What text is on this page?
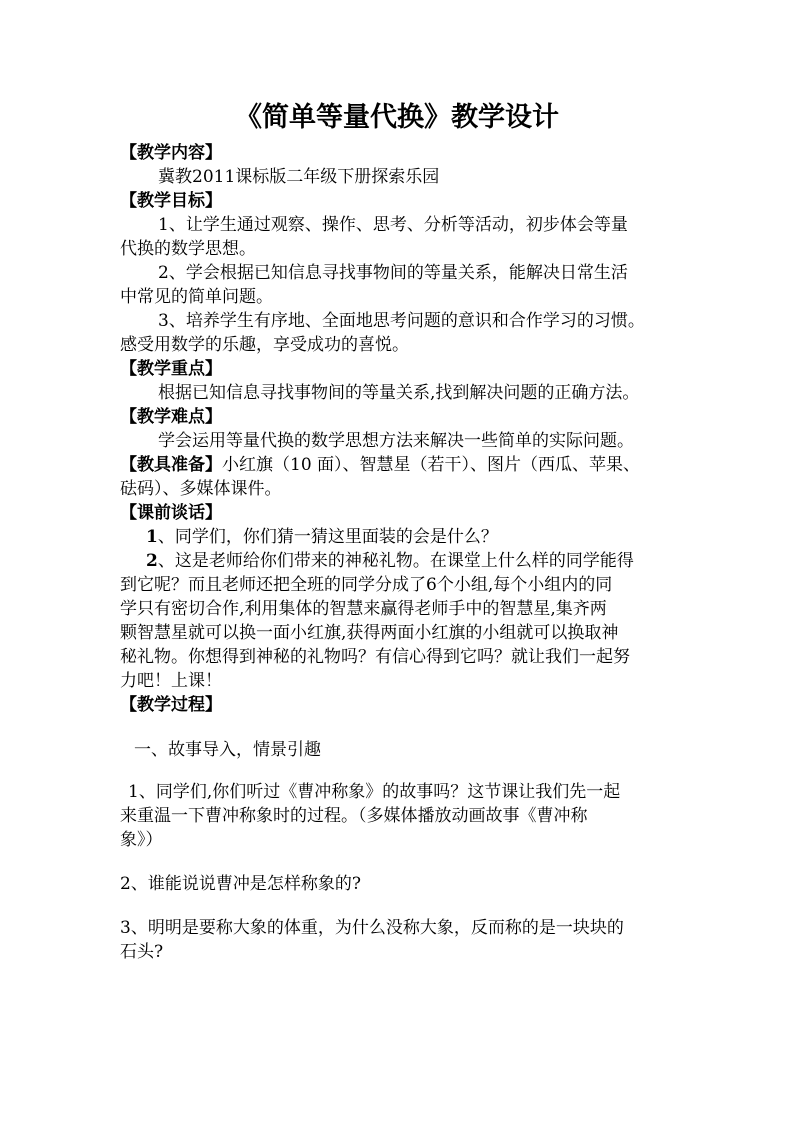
《简单等量代换》教学设计
【教学内容】
冀教2011课标版二年级下册探索乐园
【教学目标】
1、让学生通过观察、操作、思考、分析等活动，初步体会等量
代换的数学思想。
2、学会根据已知信息寻找事物间的等量关系，能解决日常生活
中常见的简单问题。
3、培养学生有序地、全面地思考问题的意识和合作学习的习惯。
感受用数学的乐趣，享受成功的喜悦。
【教学重点】
根据已知信息寻找事物间的等量关系,找到解决问题的正确方法。
【教学难点】
学会运用等量代换的数学思想方法来解决一些简单的实际问题。
【教具准备】小红旗（10 面）、智慧星（若干）、图片（西瓜、苹果、
砝码）、多媒体课件。
【课前谈话】
1、同学们，你们猜一猜这里面装的会是什么？
2、这是老师给你们带来的神秘礼物。在课堂上什么样的同学能得
到它呢？而且老师还把全班的同学分成了6个小组,每个小组内的同
学只有密切合作,利用集体的智慧来赢得老师手中的智慧星,集齐两
颗智慧星就可以换一面小红旗,获得两面小红旗的小组就可以换取神
秘礼物。你想得到神秘的礼物吗？有信心得到它吗？就让我们一起努
力吧！上课！
【教学过程】
一、故事导入，情景引趣
1、同学们,你们听过《曹冲称象》的故事吗？这节课让我们先一起
来重温一下曹冲称象时的过程。（多媒体播放动画故事《曹冲称
象》）
2、谁能说说曹冲是怎样称象的?
3、明明是要称大象的体重，为什么没称大象，反而称的是一块块的
石头?
